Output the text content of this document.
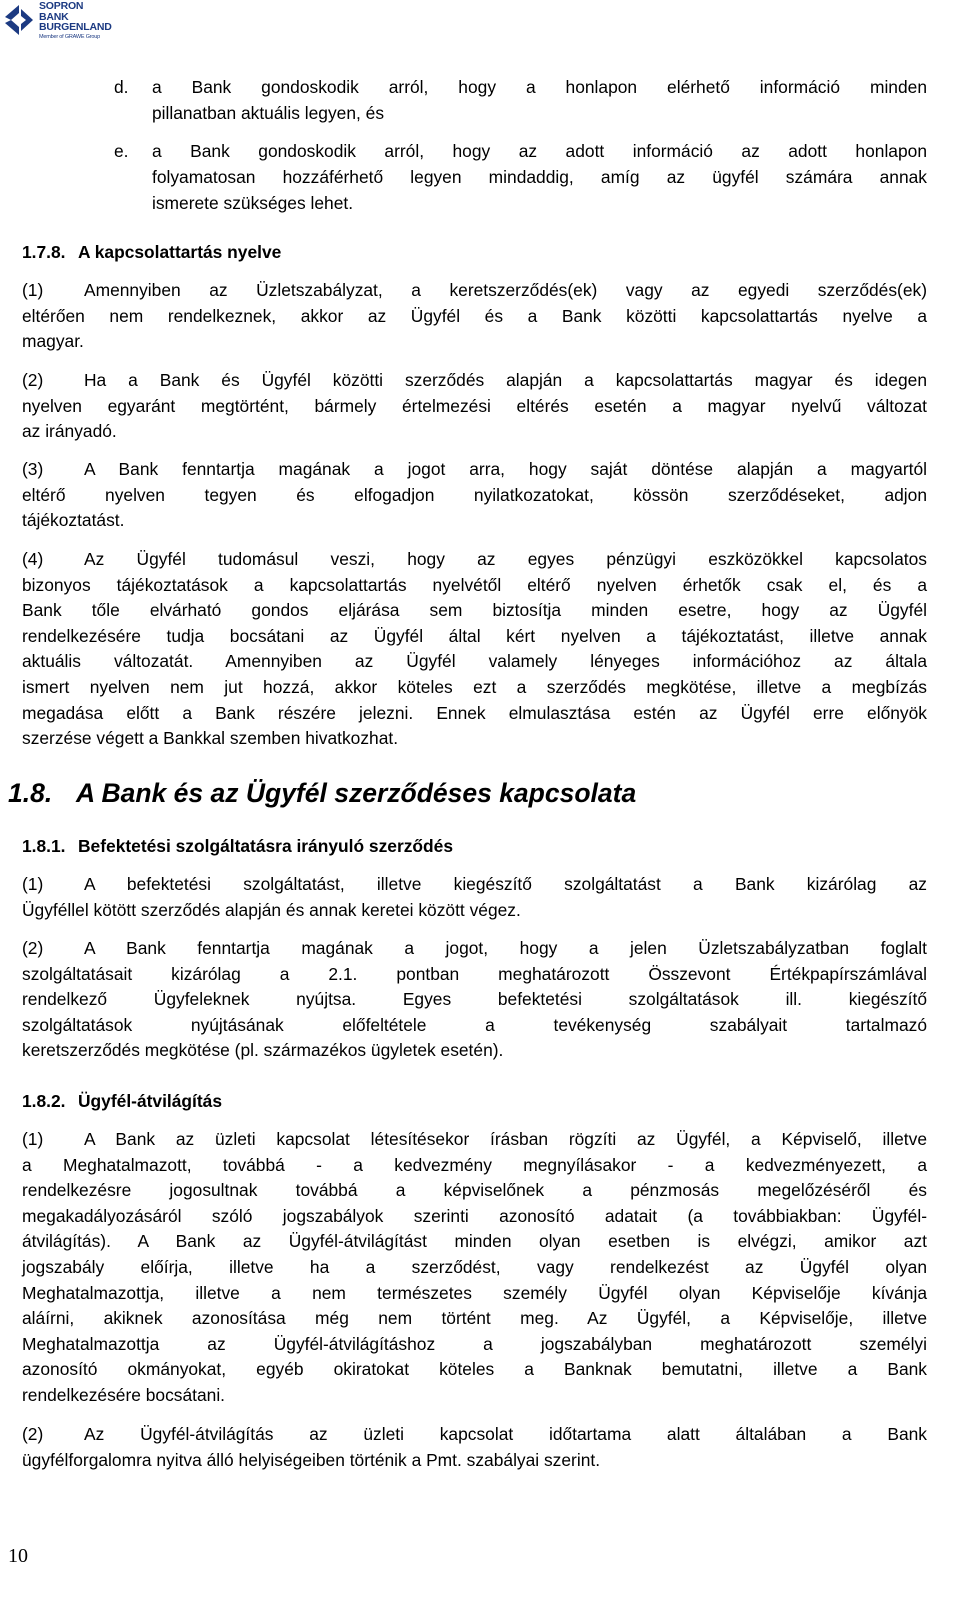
SOPRON
BANK
BURGENLAND
Member of GRAWE Group
d. a Bank gondoskodik arról, hogy a honlapon elérhető információ minden
pillanatban aktuális legyen, és
e. a Bank gondoskodik arról, hogy az adott információ az adott honlapon
folyamatosan hozzáférhető legyen mindaddig, amíg az ügyfél számára annak
ismerete szükséges lehet.
1.7.8. A kapcsolattartás nyelve
(1) Amennyiben az Üzletszabályzat, a keretszerződés(ek) vagy az egyedi szerződés(ek)
eltérően nem rendelkeznek, akkor az Ügyfél és a Bank közötti kapcsolattartás nyelve a
magyar.
(2) Ha a Bank és Ügyfél közötti szerződés alapján a kapcsolattartás magyar és idegen
nyelven egyaránt megtörtént, bármely értelmezési eltérés esetén a magyar nyelvű változat
az irányadó.
(3) A Bank fenntartja magának a jogot arra, hogy saját döntése alapján a magyartól
eltérő nyelven tegyen és elfogadjon nyilatkozatokat, kössön szerződéseket, adjon
tájékoztatást.
(4) Az Ügyfél tudomásul veszi, hogy az egyes pénzügyi eszközökkel kapcsolatos
bizonyos tájékoztatások a kapcsolattartás nyelvétől eltérő nyelven érhetők csak el, és a
Bank tőle elvárható gondos eljárása sem biztosítja minden esetre, hogy az Ügyfél
rendelkezésére tudja bocsátani az Ügyfél által kért nyelven a tájékoztatást, illetve annak
aktuális változatát. Amennyiben az Ügyfél valamely lényeges információhoz az általa
ismert nyelven nem jut hozzá, akkor köteles ezt a szerződés megkötése, illetve a megbízás
megadása előtt a Bank részére jelezni. Ennek elmulasztása estén az Ügyfél erre előnyök
szerzése végett a Bankkal szemben hivatkozhat.
1.8. A Bank és az Ügyfél szerződéses kapcsolata
1.8.1. Befektetési szolgáltatásra irányuló szerződés
(1) A befektetési szolgáltatást, illetve kiegészítő szolgáltatást a Bank kizárólag az
Ügyféllel kötött szerződés alapján és annak keretei között végez.
(2) A Bank fenntartja magának a jogot, hogy a jelen Üzletszabályzatban foglalt
szolgáltatásait kizárólag a 2.1. pontban meghatározott Összevont Értékpapírszámlával
rendelkező Ügyfeleknek nyújtsa. Egyes befektetési szolgáltatások ill. kiegészítő
szolgáltatások nyújtásának előfeltétele a tevékenység szabályait tartalmazó
keretszerződés megkötése (pl. származékos ügyletek esetén).
1.8.2. Ügyfél-átvilágítás
(1) A Bank az üzleti kapcsolat létesítésekor írásban rögzíti az Ügyfél, a Képviselő, illetve
a Meghatalmazott, továbbá - a kedvezmény megnyílásakor - a kedvezményezett, a
rendelkezésre jogosultnak továbbá a képviselőnek a pénzmosás megelőzéséről és
megakadályozásáról szóló jogszabályok szerinti azonosító adatait (a továbbiakban: Ügyfél-
átvilágítás). A Bank az Ügyfél-átvilágítást minden olyan esetben is elvégzi, amikor azt
jogszabály előírja, illetve ha a szerződést, vagy rendelkezést az Ügyfél olyan
Meghatalmazottja, illetve a nem természetes személy Ügyfél olyan Képviselője kívánja
aláírni, akiknek azonosítása még nem történt meg. Az Ügyfél, a Képviselője, illetve
Meghatalmazottja az Ügyfél-átvilágításhoz a jogszabályban meghatározott személyi
azonosító okmányokat, egyéb okiratokat köteles a Banknak bemutatni, illetve a Bank
rendelkezésére bocsátani.
(2) Az Ügyfél-átvilágítás az üzleti kapcsolat időtartama alatt általában a Bank
ügyfélforgalomra nyitva álló helyiségeiben történik a Pmt. szabályai szerint.
10
